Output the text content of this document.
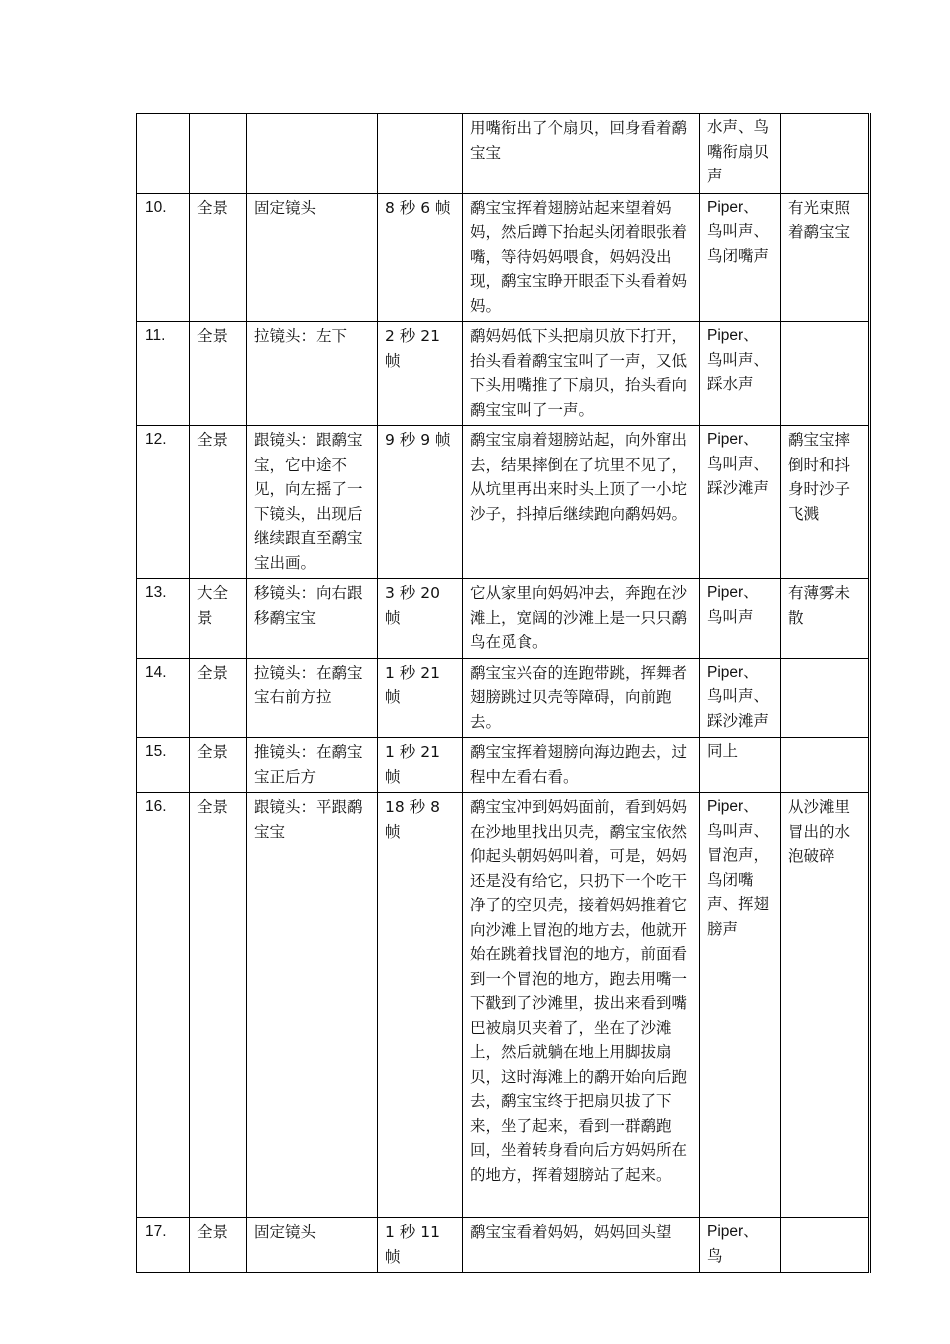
				用嘴衔出了个扇贝，回身看着鹬宝宝	水声、鸟嘴衔扇贝声	
10.	全景	固定镜头	8 秒 6 帧	鹬宝宝挥着翅膀站起来望着妈妈，然后蹲下抬起头闭着眼张着嘴，等待妈妈喂食，妈妈没出现，鹬宝宝睁开眼歪下头看着妈妈。	Piper、鸟叫声、鸟闭嘴声	有光束照着鹬宝宝
11.	全景	拉镜头：左下	2 秒 21 帧	鹬妈妈低下头把扇贝放下打开，抬头看着鹬宝宝叫了一声，又低下头用嘴推了下扇贝，抬头看向鹬宝宝叫了一声。	Piper、鸟叫声、踩水声	
12.	全景	跟镜头：跟鹬宝宝，它中途不见，向左摇了一下镜头，出现后继续跟直至鹬宝宝出画。	9 秒 9 帧	鹬宝宝扇着翅膀站起，向外窜出去，结果摔倒在了坑里不见了，从坑里再出来时头上顶了一小坨沙子，抖掉后继续跑向鹬妈妈。	Piper、鸟叫声、踩沙滩声	鹬宝宝摔倒时和抖身时沙子飞溅
13.	大全景	移镜头：向右跟移鹬宝宝	3 秒 20 帧	它从家里向妈妈冲去，奔跑在沙滩上，宽阔的沙滩上是一只只鹬鸟在觅食。	Piper、鸟叫声	有薄雾未散
14.	全景	拉镜头：在鹬宝宝右前方拉	1 秒 21 帧	鹬宝宝兴奋的连跑带跳，挥舞者翅膀跳过贝壳等障碍，向前跑去。	Piper、鸟叫声、踩沙滩声	
15.	全景	推镜头：在鹬宝宝正后方	1 秒 21 帧	鹬宝宝挥着翅膀向海边跑去，过程中左看右看。	同上	
16.	全景	跟镜头：平跟鹬宝宝	18 秒 8 帧	鹬宝宝冲到妈妈面前，看到妈妈在沙地里找出贝壳，鹬宝宝依然仰起头朝妈妈叫着，可是，妈妈还是没有给它，只扔下一个吃干净了的空贝壳，接着妈妈推着它向沙滩上冒泡的地方去，他就开始在跳着找冒泡的地方，前面看到一个冒泡的地方，跑去用嘴一下戳到了沙滩里，拔出来看到嘴巴被扇贝夹着了，坐在了沙滩上，然后就躺在地上用脚拔扇贝，这时海滩上的鹬开始向后跑去，鹬宝宝终于把扇贝拔了下来，坐了起来，看到一群鹬跑回，坐着转身看向后方妈妈所在的地方，挥着翅膀站了起来。	Piper、鸟叫声、冒泡声，鸟闭嘴声、挥翅膀声	从沙滩里冒出的水泡破碎
17.	全景	固定镜头	1 秒 11 帧	鹬宝宝看着妈妈，妈妈回头望	Piper、鸟	
